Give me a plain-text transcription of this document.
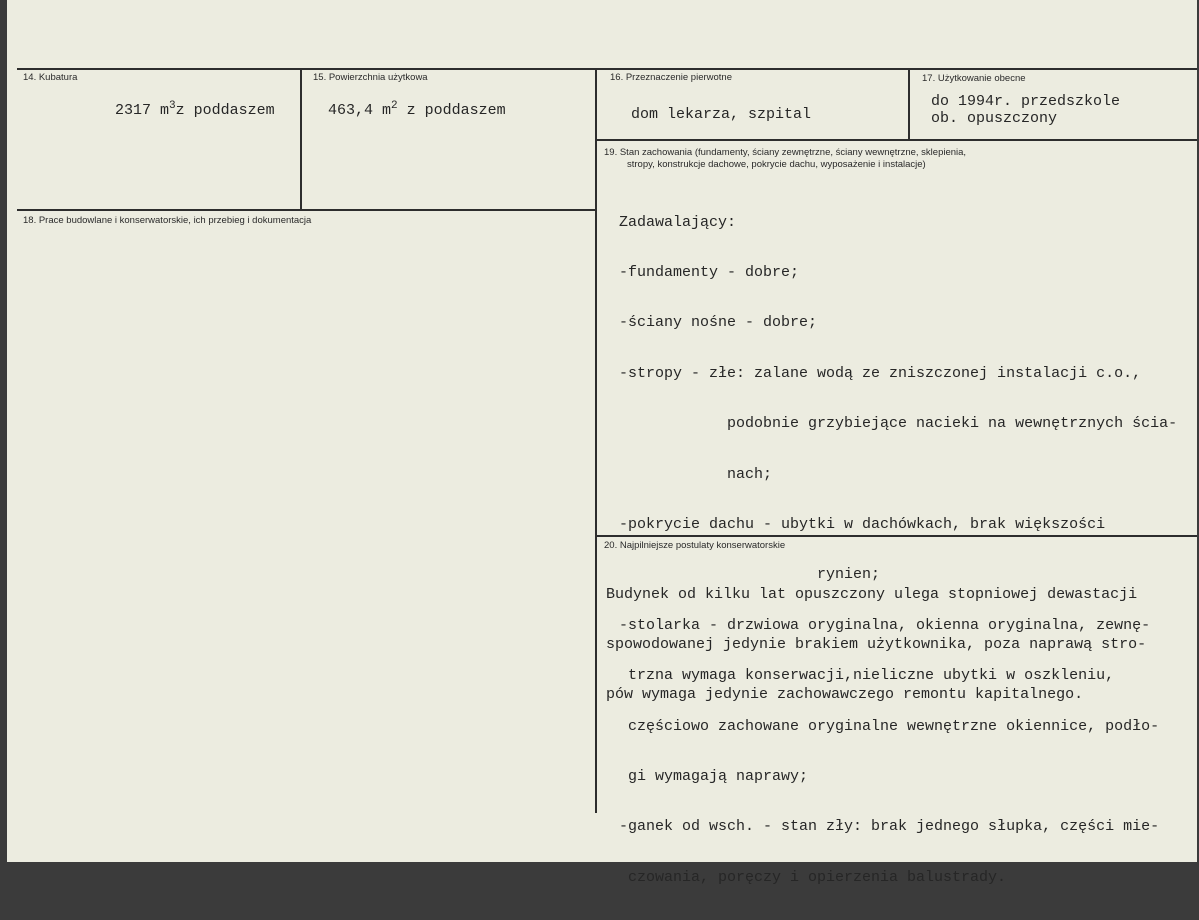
14. Kubatura
2317 $m^3z$ poddaszem
15. Powierzchnia użytkowa
463,4 $m^2$ z poddaszem
16. Przeznaczenie pierwotne
dom lekarza, szpital
17. Użytkowanie obecne
do 1994r. przedszkole
ob. opuszczony
18. Prace budowlane i konserwatorskie, ich przebieg i dokumentacja
19. Stan zachowania (fundamenty, ściany zewnętrzne, ściany wewnętrzne, sklepienia,
stropy, konstrukcje dachowe, pokrycie dachu, wyposażenie i instalacje)

Zadawalający:

-fundamenty - dobre;

-ściany nośne - dobre;

-stropy - złe: zalane wodą ze zniszczonej instalacji c.o.,

podobnie grzybiejące nacieki na wewnętrznych ścia-

nach;

-pokrycie dachu - ubytki w dachówkach, brak większości

rynien;

-stolarka - drzwiowa oryginalna, okienna oryginalna, zewnę-

trzna wymaga konserwacji,nieliczne ubytki w oszkleniu,

częściowo zachowane oryginalne wewnętrzne okiennice, podło-

gi wymagają naprawy;

-ganek od wsch. - stan zły: brak jednego słupka, części mie-

czowania, poręczy i opierzenia balustrady.

20. Najpilniejsze postulaty konserwatorskie

Budynek od kilku lat opuszczony ulega stopniowej dewastacji

spowodowanej jedynie brakiem użytkownika, poza naprawą stro-

pów wymaga jedynie zachowawczego remontu kapitalnego.
